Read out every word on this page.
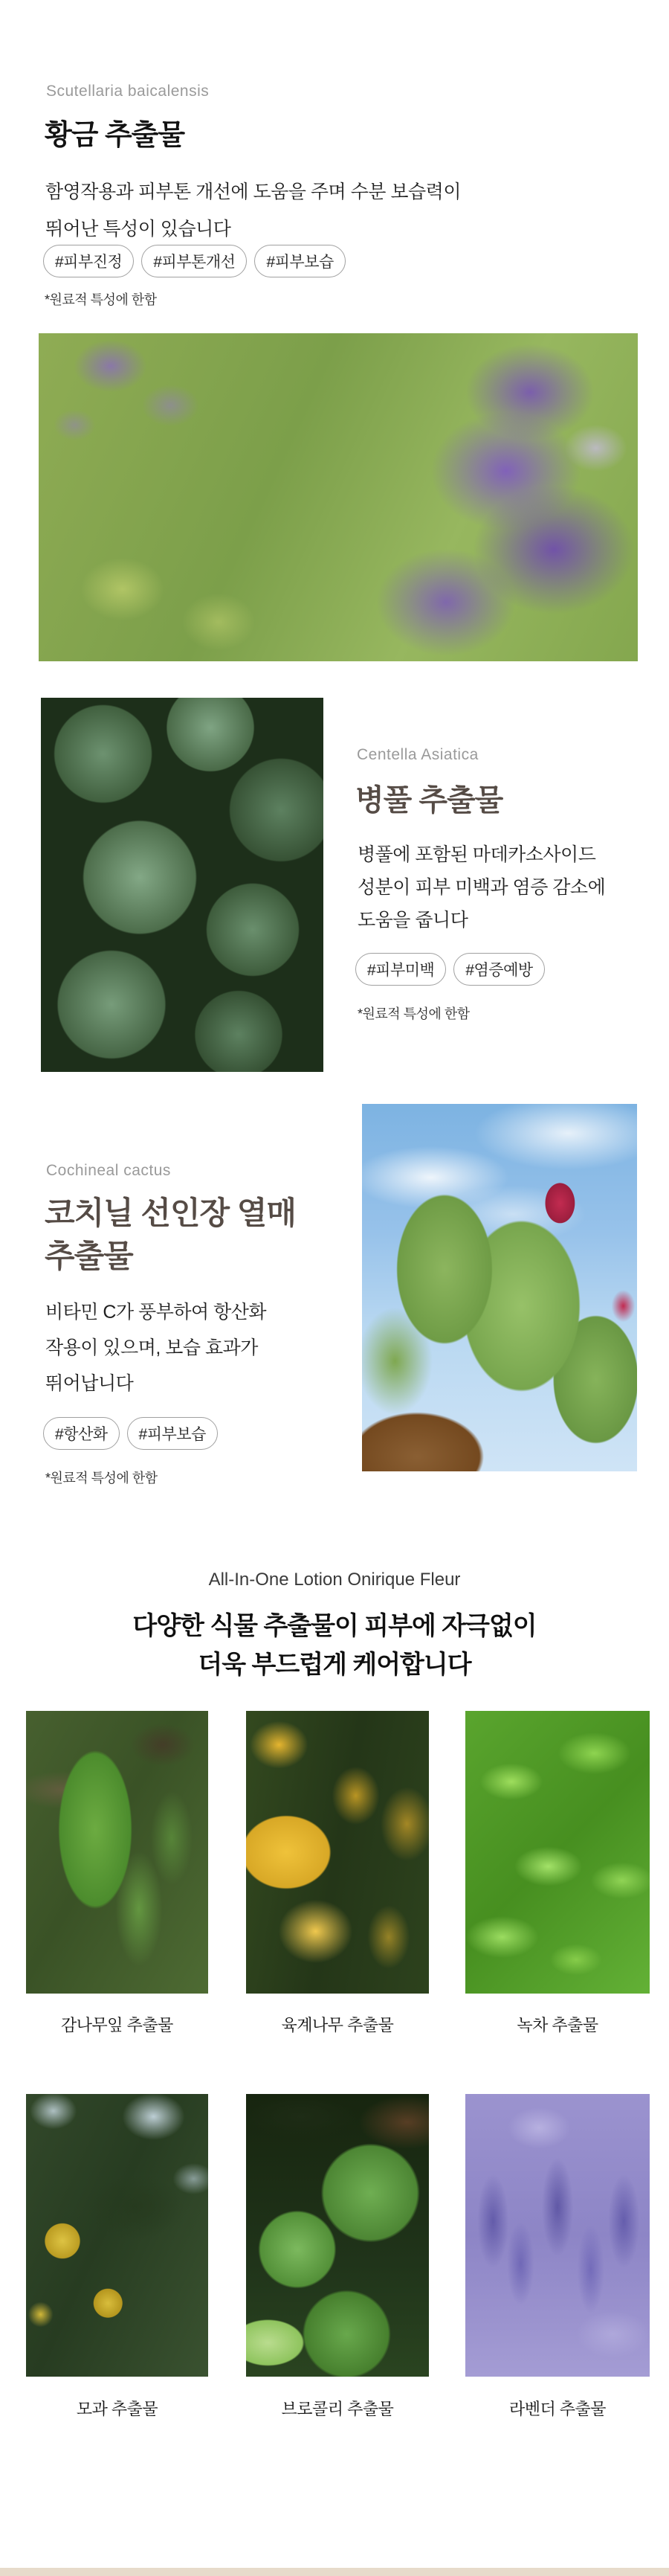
Scutellaria baicalensis
황금 추출물
함영작용과 피부톤 개선에 도움을 주며 수분 보습력이
뛰어난 특성이 있습니다
#피부진정	#피부톤개선	#피부보습
*원료적 특성에 한함
Centella Asiatica
병풀 추출물
병풀에 포함된 마데카소사이드
성분이 피부 미백과 염증 감소에
도움을 줍니다
#피부미백	#염증예방
*원료적 특성에 한함
Cochineal cactus
코치닐 선인장 열매
추출물
비타민 C가 풍부하여 항산화
작용이 있으며, 보습 효과가
뛰어납니다
#항산화	#피부보습
*원료적 특성에 한함
All-In-One Lotion Onirique Fleur
다양한 식물 추출물이 피부에 자극없이
더욱 부드럽게 케어합니다
감나무잎 추출물	육계나무 추출물	녹차 추출물
모과 추출물	브로콜리 추출물	라벤더 추출물
